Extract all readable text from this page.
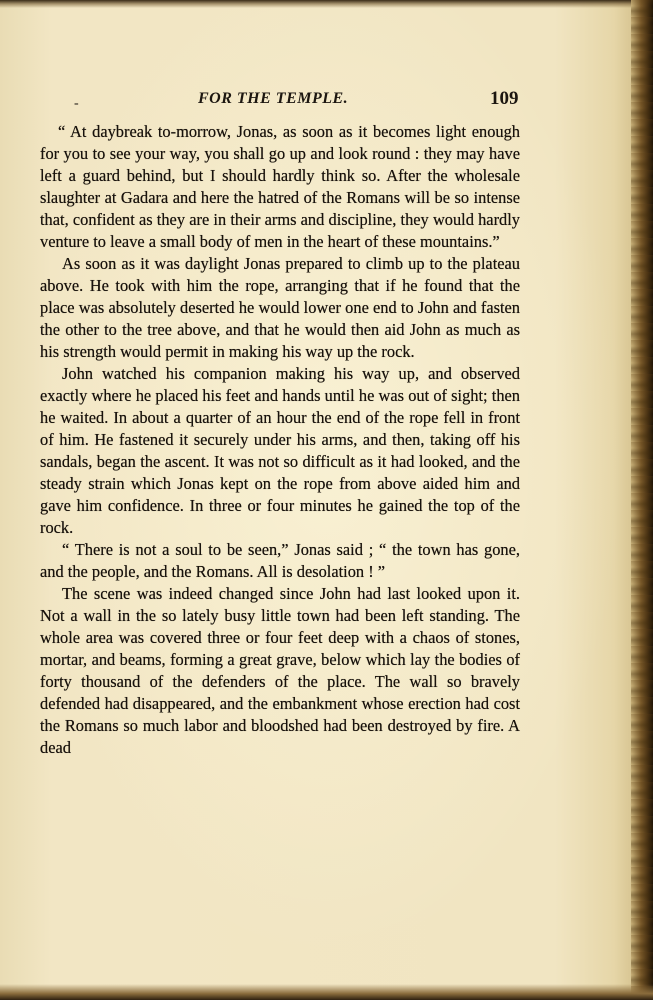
-	FOR THE TEMPLE.	109

“ At daybreak to-morrow, Jonas, as soon as it becomes light enough for you to see your way, you shall go up and look round : they may have left a guard behind, but I should hardly think so. After the wholesale slaughter at Gadara and here the hatred of the Romans will be so intense that, confident as they are in their arms and discipline, they would hardly venture to leave a small body of men in the heart of these mountains.”

As soon as it was daylight Jonas prepared to climb up to the plateau above. He took with him the rope, arranging that if he found that the place was absolutely deserted he would lower one end to John and fasten the other to the tree above, and that he would then aid John as much as his strength would permit in making his way up the rock.

John watched his companion making his way up, and observed exactly where he placed his feet and hands until he was out of sight; then he waited. In about a quarter of an hour the end of the rope fell in front of him. He fastened it securely under his arms, and then, taking off his sandals, began the ascent. It was not so difficult as it had looked, and the steady strain which Jonas kept on the rope from above aided him and gave him confidence. In three or four minutes he gained the top of the rock.

“ There is not a soul to be seen,” Jonas said ; “ the town has gone, and the people, and the Romans. All is desolation ! ”

The scene was indeed changed since John had last looked upon it. Not a wall in the so lately busy little town had been left standing. The whole area was covered three or four feet deep with a chaos of stones, mortar, and beams, forming a great grave, below which lay the bodies of forty thousand of the defenders of the place. The wall so bravely defended had disappeared, and the embankment whose erection had cost the Romans so much labor and bloodshed had been destroyed by fire. A dead
